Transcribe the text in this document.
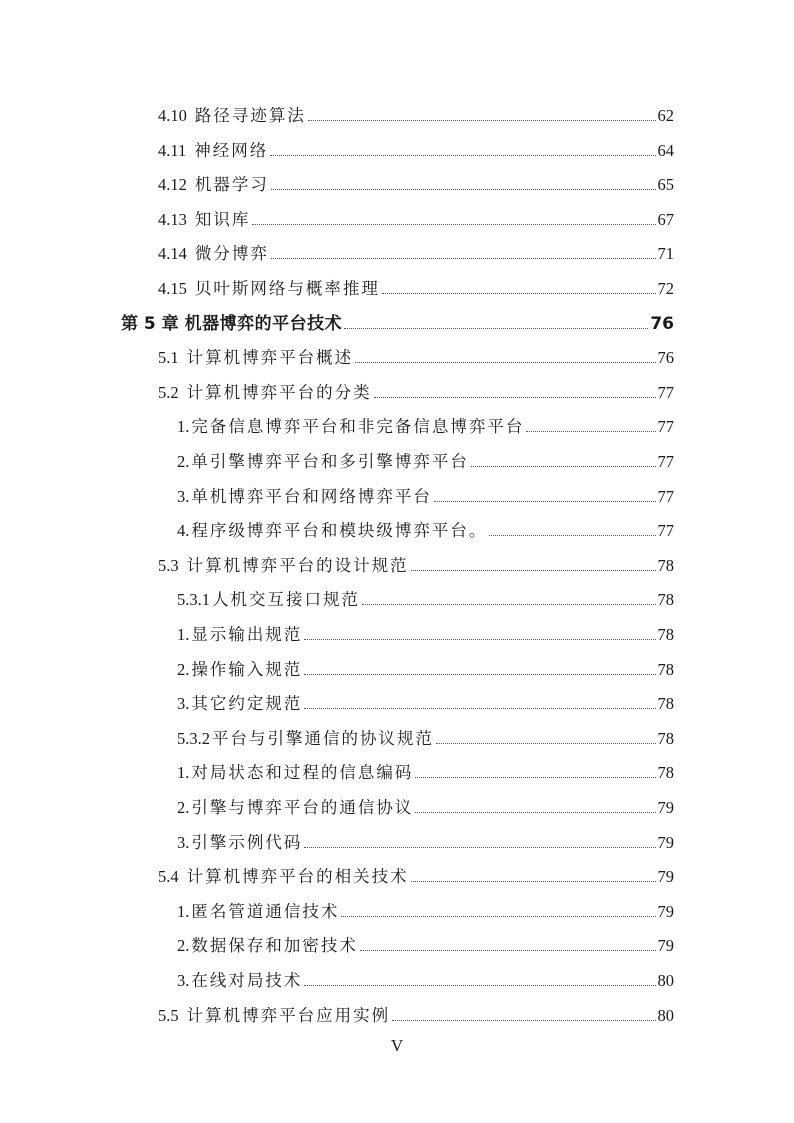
4.10 路径寻迹算法	62
4.11 神经网络	64
4.12 机器学习	65
4.13 知识库	67
4.14 微分博弈	71
4.15 贝叶斯网络与概率推理	72
第 5 章 机器博弈的平台技术	76
5.1 计算机博弈平台概述	76
5.2 计算机博弈平台的分类	77
1. 完备信息博弈平台和非完备信息博弈平台	77
2. 单引擎博弈平台和多引擎博弈平台	77
3. 单机博弈平台和网络博弈平台	77
4. 程序级博弈平台和模块级博弈平台。	77
5.3 计算机博弈平台的设计规范	78
5.3.1 人机交互接口规范	78
1. 显示输出规范	78
2. 操作输入规范	78
3. 其它约定规范	78
5.3.2 平台与引擎通信的协议规范	78
1. 对局状态和过程的信息编码	78
2. 引擎与博弈平台的通信协议	79
3. 引擎示例代码	79
5.4 计算机博弈平台的相关技术	79
1. 匿名管道通信技术	79
2. 数据保存和加密技术	79
3. 在线对局技术	80
5.5 计算机博弈平台应用实例	80
V
